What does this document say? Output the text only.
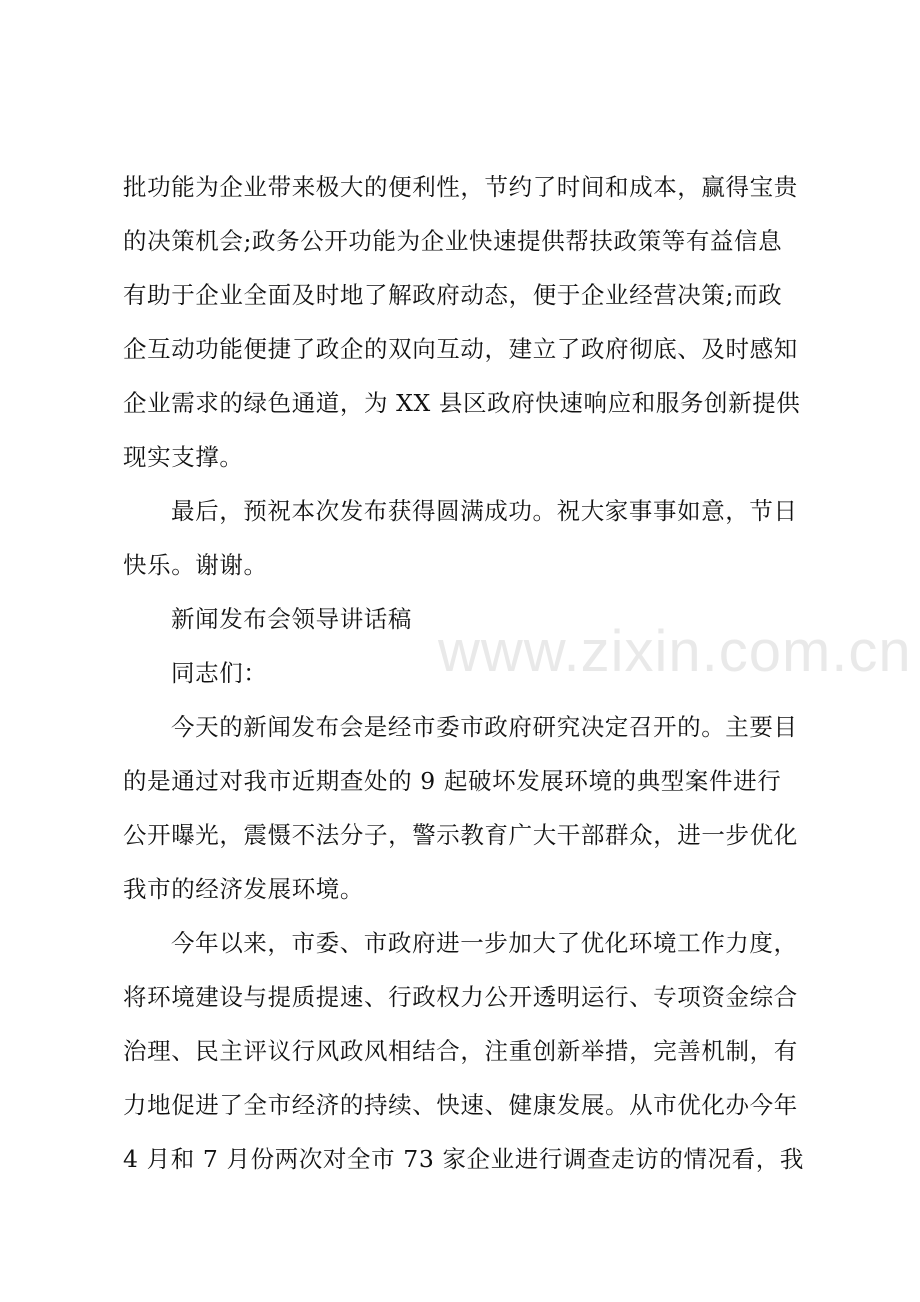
www.zixin.com.cn
批功能为企业带来极大的便利性，节约了时间和成本，赢得宝贵
的决策机会;政务公开功能为企业快速提供帮扶政策等有益信息
有助于企业全面及时地了解政府动态，便于企业经营决策;而政
企互动功能便捷了政企的双向互动，建立了政府彻底、及时感知
企业需求的绿色通道，为 XX 县区政府快速响应和服务创新提供
现实支撑。
最后，预祝本次发布获得圆满成功。祝大家事事如意，节日
快乐。谢谢。
新闻发布会领导讲话稿
同志们：
今天的新闻发布会是经市委市政府研究决定召开的。主要目
的是通过对我市近期查处的 9 起破坏发展环境的典型案件进行
公开曝光，震慑不法分子，警示教育广大干部群众，进一步优化
我市的经济发展环境。
今年以来，市委、市政府进一步加大了优化环境工作力度，
将环境建设与提质提速、行政权力公开透明运行、专项资金综合
治理、民主评议行风政风相结合，注重创新举措，完善机制，有
力地促进了全市经济的持续、快速、健康发展。从市优化办今年
4 月和 7 月份两次对全市 73 家企业进行调查走访的情况看，我
